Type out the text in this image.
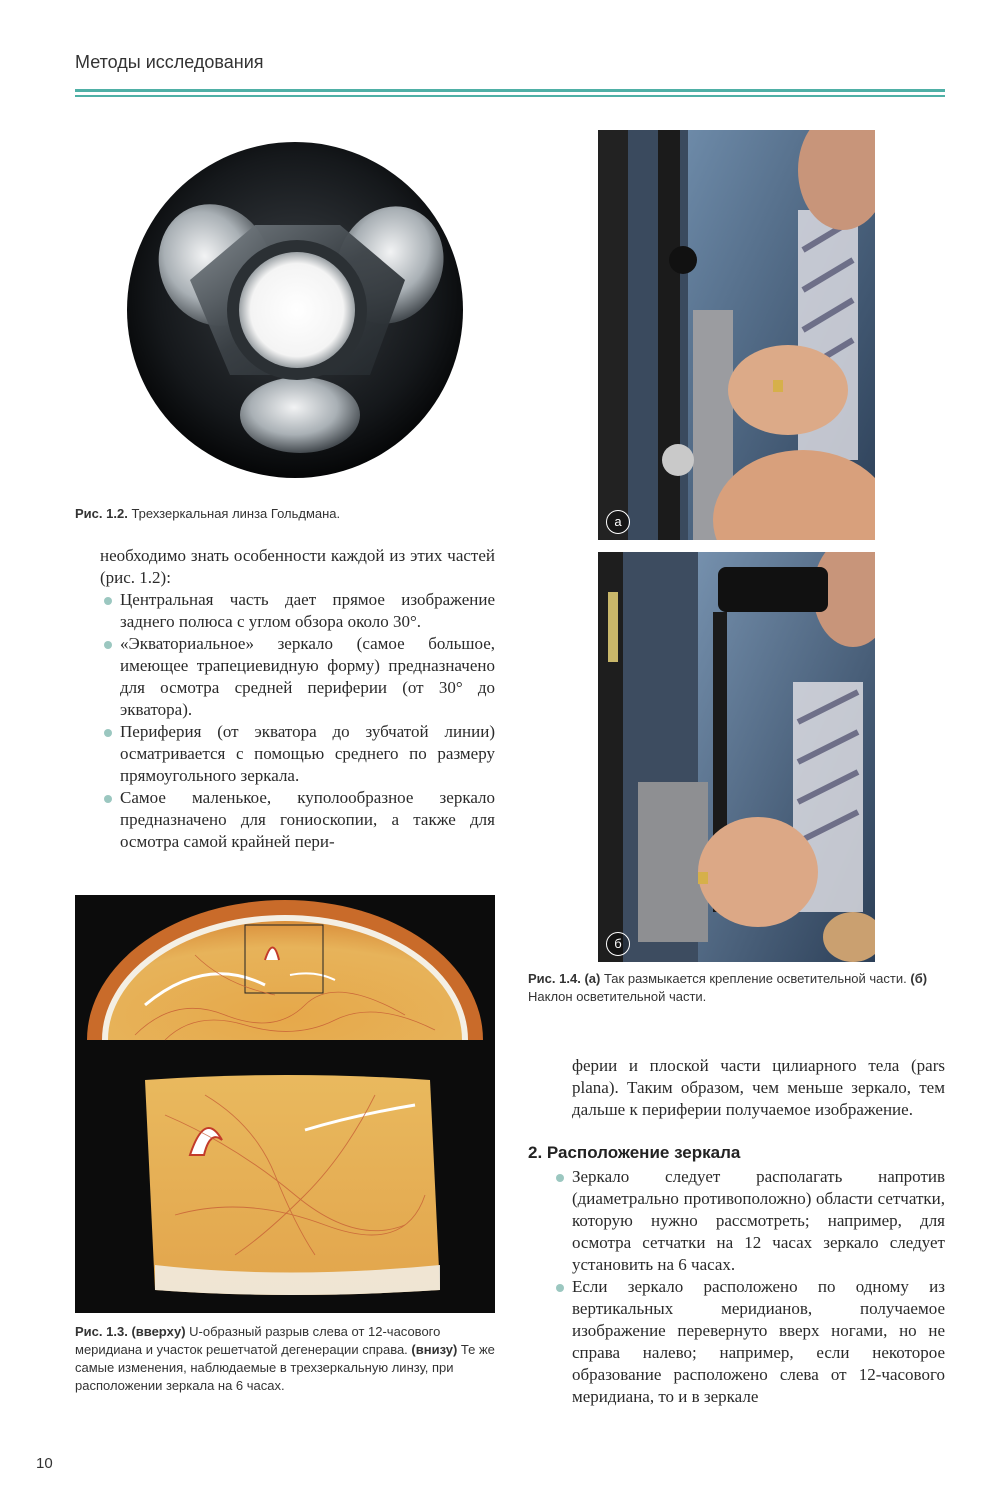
Методы исследования
Рис. 1.2. Трехзеркальная линза Гольдмана.

необходимо знать особенности каждой из этих частей (рис. 1.2):

Центральная часть дает прямое изображение заднего полюса с углом обзора около 30°.
«Экваториальное» зеркало (самое большое, имеющее трапециевидную форму) предназначено для осмотра средней периферии (от 30° до экватора).
Периферия (от экватора до зубчатой линии) осматривается с помощью среднего по размеру прямоугольного зеркала.
Самое маленькое, куполообразное зеркало предназначено для гониоскопии, а также для осмотра самой крайней пери-
Рис. 1.3. (вверху) U-образный разрыв слева от 12-часового меридиана и участок решетчатой дегенерации справа. (внизу) Те же самые изменения, наблюдаемые в трехзеркальную линзу, при расположении зеркала на 6 часах.
а
б
Рис. 1.4. (а) Так размыкается крепление осветительной части. (б) Наклон осветительной части.
ферии и плоской части цилиарного тела (pars plana). Таким образом, чем меньше зеркало, тем дальше к периферии получаемое изображение.
2. Расположение зеркала
Зеркало следует располагать напротив (диаметрально противоположно) области сетчатки, которую нужно рассмотреть; например, для осмотра сетчатки на 12 часах зеркало следует установить на 6 часах.
Если зеркало расположено по одному из вертикальных меридианов, получаемое изображение перевернуто вверх ногами, но не справа налево; например, если некоторое образование расположено слева от 12-часового меридиана, то и в зеркале
10
